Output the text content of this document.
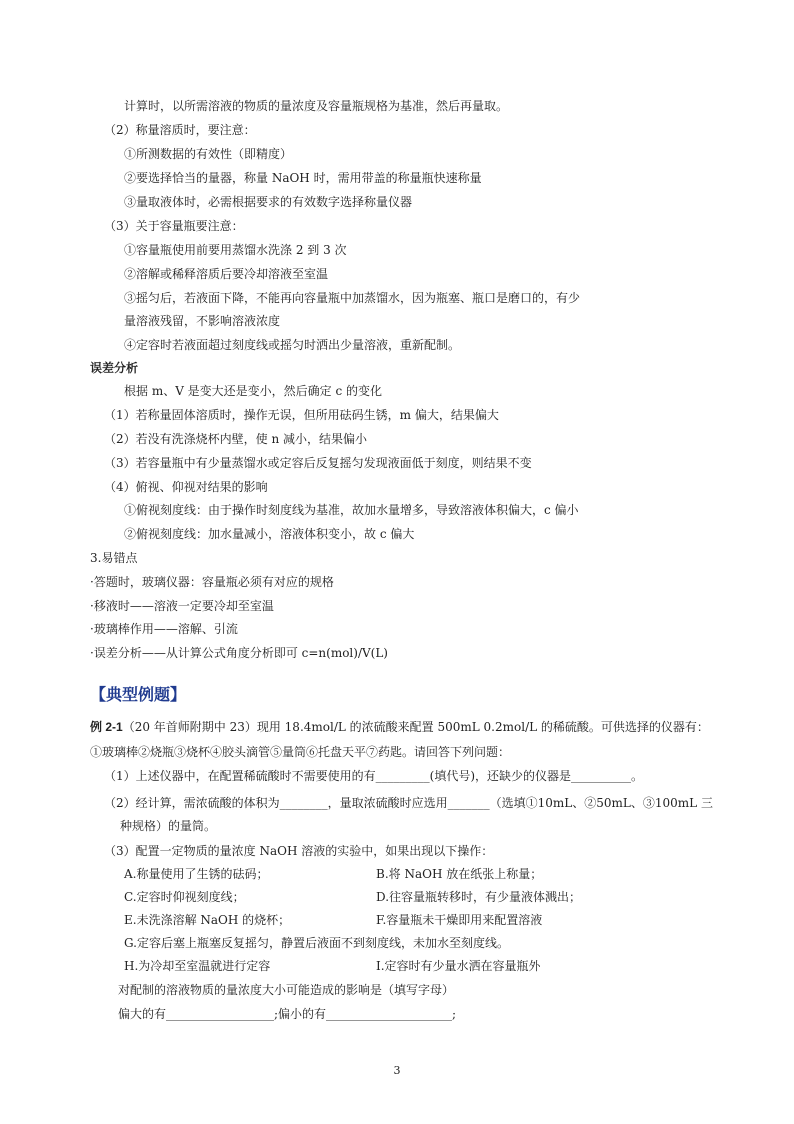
计算时，以所需溶液的物质的量浓度及容量瓶规格为基准，然后再量取。
（2）称量溶质时，要注意：
①所测数据的有效性（即精度）
②要选择恰当的量器，称量 NaOH 时，需用带盖的称量瓶快速称量
③量取液体时，必需根据要求的有效数字选择称量仪器
（3）关于容量瓶要注意：
①容量瓶使用前要用蒸馏水洗涤 2 到 3 次
②溶解或稀释溶质后要冷却溶液至室温
③摇匀后，若液面下降，不能再向容量瓶中加蒸馏水，因为瓶塞、瓶口是磨口的，有少
量溶液残留，不影响溶液浓度
④定容时若液面超过刻度线或摇匀时洒出少量溶液，重新配制。
误差分析
根据 m、V 是变大还是变小，然后确定 c 的变化
（1）若称量固体溶质时，操作无误，但所用砝码生锈，m 偏大，结果偏大
（2）若没有洗涤烧杯内壁，使 n 减小，结果偏小
（3）若容量瓶中有少量蒸馏水或定容后反复摇匀发现液面低于刻度，则结果不变
（4）俯视、仰视对结果的影响
①俯视刻度线：由于操作时刻度线为基准，故加水量增多，导致溶液体积偏大，c 偏小
②俯视刻度线：加水量减小，溶液体积变小，故 c 偏大
3.易错点
·答题时，玻璃仪器：容量瓶必须有对应的规格
·移液时——溶液一定要冷却至室温
·玻璃棒作用——溶解、引流
·误差分析——从计算公式角度分析即可 c=n(mol)/V(L)
【典型例题】
例 2-1（20 年首师附期中 23）现用 18.4mol/L 的浓硫酸来配置 500mL 0.2mol/L 的稀硫酸。可供选择的仪器有：
①玻璃棒②烧瓶③烧杯④胶头滴管⑤量筒⑥托盘天平⑦药匙。请回答下列问题：
（1）上述仪器中，在配置稀硫酸时不需要使用的有_________(填代号)，还缺少的仪器是__________。
（2）经计算，需浓硫酸的体积为________，量取浓硫酸时应选用_______（选填①10mL、②50mL、③100mL 三
种规格）的量筒。
（3）配置一定物质的量浓度 NaOH 溶液的实验中，如果出现以下操作：
A.称量使用了生锈的砝码；	B.将 NaOH 放在纸张上称量；
C.定容时仰视刻度线；	D.往容量瓶转移时，有少量液体溅出；
E.未洗涤溶解 NaOH 的烧杯；	F.容量瓶未干燥即用来配置溶液
G.定容后塞上瓶塞反复摇匀，静置后液面不到刻度线，未加水至刻度线。
H.为冷却至室温就进行定容	I.定容时有少量水洒在容量瓶外
对配制的溶液物质的量浓度大小可能造成的影响是（填写字母）
偏大的有__________________;偏小的有_____________________;
3
